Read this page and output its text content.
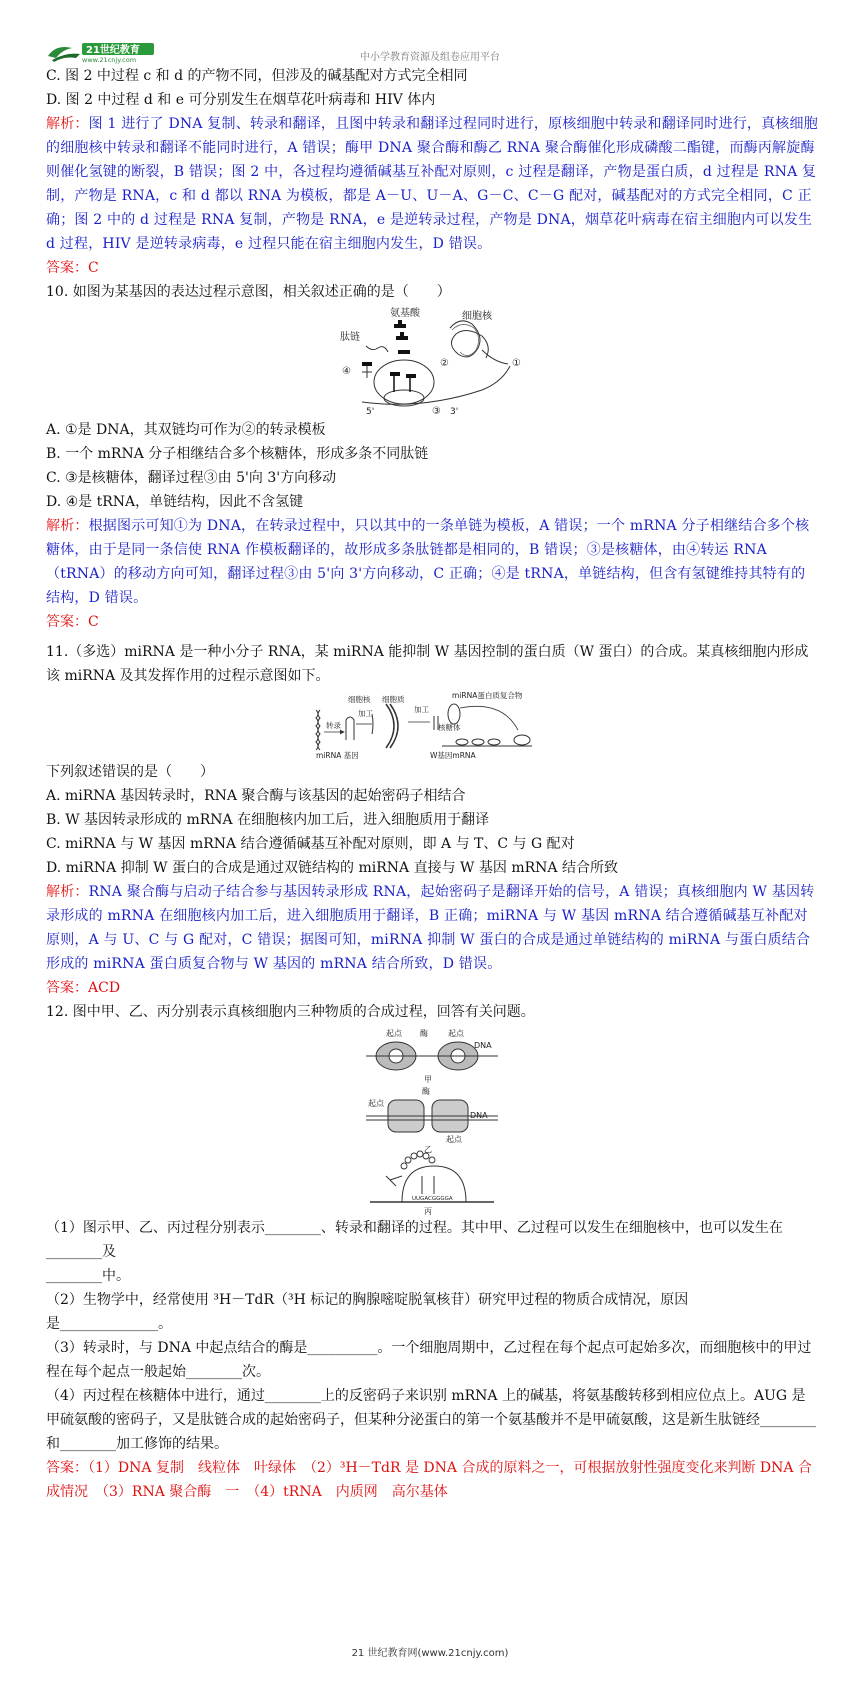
21世纪教育
www.21cnjy.com	中小学教育资源及组卷应用平台

C. 图 2 中过程 c 和 d 的产物不同，但涉及的碱基配对方式完全相同

D. 图 2 中过程 d 和 e 可分别发生在烟草花叶病毒和 HIV 体内

解析：图 1 进行了 DNA 复制、转录和翻译，且图中转录和翻译过程同时进行，原核细胞中转录和翻译同时进行，真核细胞的细胞核中转录和翻译不能同时进行，A 错误；酶甲 DNA 聚合酶和酶乙 RNA 聚合酶催化形成磷酸二酯键，而酶丙解旋酶则催化氢键的断裂，B 错误；图 2 中，各过程均遵循碱基互补配对原则，c 过程是翻译，产物是蛋白质，d 过程是 RNA 复制，产物是 RNA，c 和 d 都以 RNA 为模板，都是 A－U、U－A、G－C、C－G 配对，碱基配对的方式完全相同，C 正确；图 2 中的 d 过程是 RNA 复制，产物是 RNA，e 是逆转录过程，产物是 DNA，烟草花叶病毒在宿主细胞内可以发生 d 过程，HIV 是逆转录病毒，e 过程只能在宿主细胞内发生，D 错误。

答案：C

10. 如图为某基因的表达过程示意图，相关叙述正确的是（　　）

氨基酸	细胞核
肽链
④
5'	3'
③
②	①

A. ①是 DNA，其双链均可作为②的转录模板

B. 一个 mRNA 分子相继结合多个核糖体，形成多条不同肽链

C. ③是核糖体，翻译过程③由 5'向 3'方向移动

D. ④是 tRNA，单链结构，因此不含氢键

解析：根据图示可知①为 DNA，在转录过程中，只以其中的一条单链为模板，A 错误；一个 mRNA 分子相继结合多个核糖体，由于是同一条信使 RNA 作模板翻译的，故形成多条肽链都是相同的，B 错误；③是核糖体，由④转运 RNA（tRNA）的移动方向可知，翻译过程③由 5'向 3'方向移动，C 正确；④是 tRNA，单链结构，但含有氢键维持其特有的结构，D 错误。

答案：C

11.（多选）miRNA 是一种小分子 RNA，某 miRNA 能抑制 W 基因控制的蛋白质（W 蛋白）的合成。某真核细胞内形成该 miRNA 及其发挥作用的过程示意图如下。

细胞核 细胞质	miRNA蛋白质复合物
miRNA 基因
转录
加工	加工
核糖体
W基因mRNA

下列叙述错误的是（　　）

A. miRNA 基因转录时，RNA 聚合酶与该基因的起始密码子相结合

B. W 基因转录形成的 mRNA 在细胞核内加工后，进入细胞质用于翻译

C. miRNA 与 W 基因 mRNA 结合遵循碱基互补配对原则，即 A 与 T、C 与 G 配对

D. miRNA 抑制 W 蛋白的合成是通过双链结构的 miRNA 直接与 W 基因 mRNA 结合所致

解析：RNA 聚合酶与启动子结合参与基因转录形成 RNA，起始密码子是翻译开始的信号，A 错误；真核细胞内 W 基因转录形成的 mRNA 在细胞核内加工后，进入细胞质用于翻译，B 正确；miRNA 与 W 基因 mRNA 结合遵循碱基互补配对原则，A 与 U、C 与 G 配对，C 错误；据图可知，miRNA 抑制 W 蛋白的合成是通过单链结构的 miRNA 与蛋白质结合形成的 miRNA 蛋白质复合物与 W 基因的 mRNA 结合所致，D 错误。

答案：ACD

12. 图中甲、乙、丙分别表示真核细胞内三种物质的合成过程，回答有关问题。

起点 酶	起点
DNA
甲
酶
起点
DNA
起点
乙
UUGACGGGGA
丙

（1）图示甲、乙、丙过程分别表示________、转录和翻译的过程。其中甲、乙过程可以发生在细胞核中，也可以发生在________及

________中。

（2）生物学中，经常使用 ³H－TdR（³H 标记的胸腺嘧啶脱氧核苷）研究甲过程的物质合成情况，原因

是______________。

（3）转录时，与 DNA 中起点结合的酶是__________。一个细胞周期中，乙过程在每个起点可起始多次，而细胞核中的甲过程在每个起点一般起始________次。

（4）丙过程在核糖体中进行，通过________上的反密码子来识别 mRNA 上的碱基，将氨基酸转移到相应位点上。AUG 是甲硫氨酸的密码子，又是肽链合成的起始密码子，但某种分泌蛋白的第一个氨基酸并不是甲硫氨酸，这是新生肽链经________和________加工修饰的结果。

答案：（1）DNA 复制　线粒体　叶绿体　（2）³H－TdR 是 DNA 合成的原料之一，可根据放射性强度变化来判断 DNA 合成情况　（3）RNA 聚合酶　一　（4）tRNA　内质网　高尔基体

21 世纪教育网(www.21cnjy.com)
